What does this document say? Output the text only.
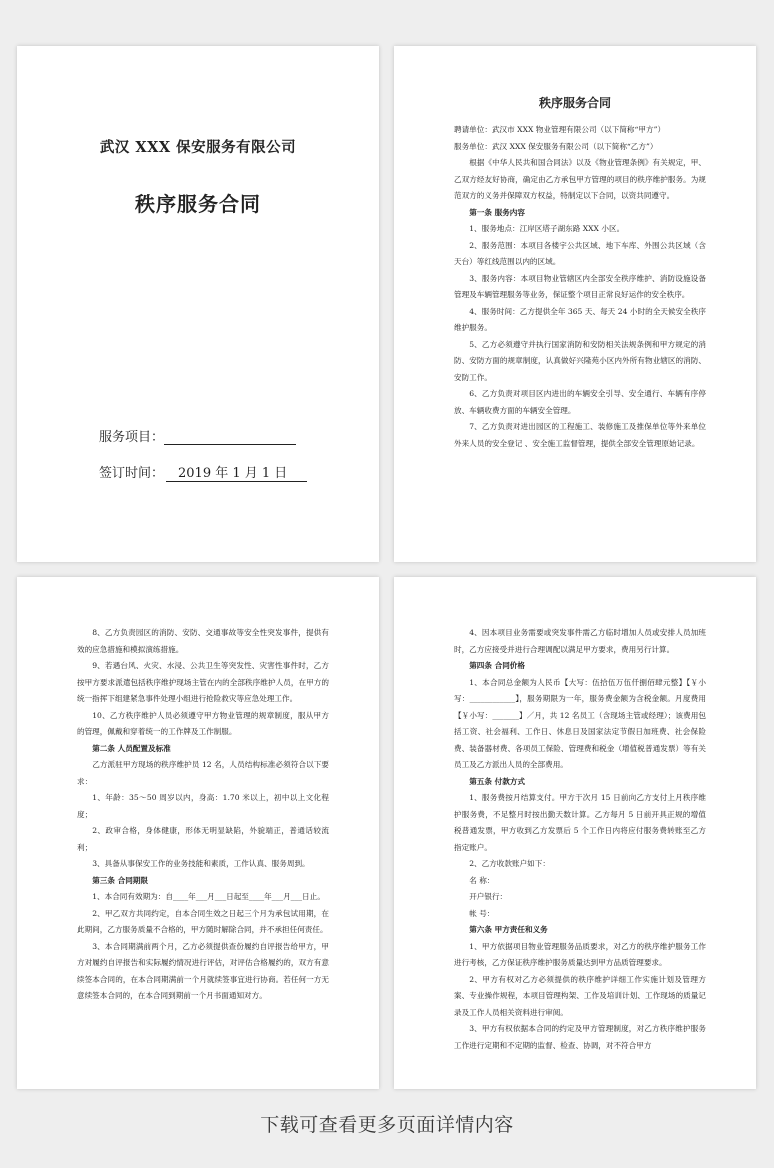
武汉 XXX 保安服务有限公司
秩序服务合同
服务项目：
签订时间： 2019 年 1 月 1 日
秩序服务合同

聘请单位：武汉市 XXX 物业管理有限公司（以下简称“甲方”）

服务单位：武汉 XXX 保安服务有限公司（以下简称“乙方”）

根据《中华人民共和国合同法》以及《物业管理条例》有关规定，甲、乙双方经友好协商，确定由乙方承包甲方管理的项目的秩序维护服务。为规范双方的义务并保障双方权益，特制定以下合同，以资共同遵守。

第一条 服务内容

1、服务地点：江岸区塔子湖东路 XXX 小区。

2、服务范围：本项目各楼宇公共区域、地下车库、外围公共区域（含天台）等红线范围以内的区域。

3、服务内容：本项目物业管辖区内全部安全秩序维护、消防设施设备管理及车辆管理服务等业务，保证整个项目正常良好运作的安全秩序。

4、服务时间：乙方提供全年 365 天、每天 24 小时的全天候安全秩序维护服务。

5、乙方必须遵守并执行国家消防和安防相关法规条例和甲方规定的消防、安防方面的规章制度，认真做好兴隆苑小区内外所有物业辖区的消防、安防工作。

6、乙方负责对项目区内进出的车辆安全引导、安全通行、车辆有序停放、车辆收费方面的车辆安全管理。

7、乙方负责对进出园区的工程施工、装修施工及推保单位等外来单位外来人员的安全登记 、安全施工监督管理，提供全部安全管理原始记录。

8、乙方负责园区的消防、安防、交通事故等安全性突发事件，提供有效的应急措施和模拟演练措施。

9、若遇台风、火灾、水浸、公共卫生等突发性、灾害性事件时，乙方按甲方要求派遣包括秩序维护现场主管在内的全部秩序维护人员，在甲方的统一指挥下组建紧急事件处理小组进行抢险救灾等应急处理工作。

10、乙方秩序维护人员必须遵守甲方物业管理的规章制度，服从甲方的管理，佩戴和穿着统一的工作牌及工作制服。

第二条 人员配置及标准

乙方派驻甲方现场的秩序维护员 12 名，人员结构标准必须符合以下要求：

1、年龄：35～50 周岁以内，身高：1.70 米以上，初中以上文化程度；

2、政审合格，身体健康，形体无明显缺陷，外貌端正，普通话较流利；

3、具备从事保安工作的业务技能和素质，工作认真、服务周到。

第三条 合同期限

1、本合同有效期为：自____年___月___日起至____年___月___日止。

2、甲乙双方共同约定，自本合同生效之日起三个月为承包试用期，在此期间，乙方服务质量不合格的，甲方随时解除合同，并不承担任何责任。

3、本合同期满前两个月，乙方必须提供查份履约自评报告给甲方，甲方对履约自评报告和实际履约情况进行评估，对评估合格履约的，双方有意续签本合同的，在本合同期满前一个月就续签事宜进行协商。若任何一方无意续签本合同的，在本合同到期前一个月书面通知对方。

4、因本项目业务需要或突发事件需乙方临时增加人员或安排人员加班时，乙方应接受并进行合理调配以满足甲方要求，费用另行计算。

第四条 合同价格

1、本合同总金额为人民币【大写：伍拾伍万伍仟捌佰肆元整】【￥小写：____________】，服务期限为一年，服务费金额为含税金额。月度费用【￥小写：_______】／月，共 12 名员工（含现场主管或经理）；该费用包括工资、社会福利、工作日、休息日及国家法定节假日加班费、社会保险费、装备器材费、各项员工保险、管理费和税金（增值税普通发票）等有关员工及乙方派出人员的全部费用。

第五条 付款方式

1、服务费按月结算支付。甲方于次月 15 日前向乙方支付上月秩序维护服务费，不足整月时按出勤天数计算。乙方每月 5 日前开具正规的增值税普通发票，甲方收到乙方发票后 5 个工作日内将应付服务费转账至乙方指定账户。

2、乙方收款账户如下：

名 称：

开户银行：

帐 号：

第六条 甲方责任和义务

1、甲方依据项目物业管理服务品质要求，对乙方的秩序维护服务工作进行考核，乙方保证秩序维护服务质量达到甲方品质管理要求。

2、甲方有权对乙方必须提供的秩序维护详细工作实施计划及管理方案、专业操作规程，本项目管理构架、工作及培训计划、工作现场的质量记录及工作人员相关资料进行审阅。

3、甲方有权依据本合同的约定及甲方管理制度，对乙方秩序维护服务工作进行定期和不定期的监督、检查、协调，对不符合甲方

下载可查看更多页面详情内容
